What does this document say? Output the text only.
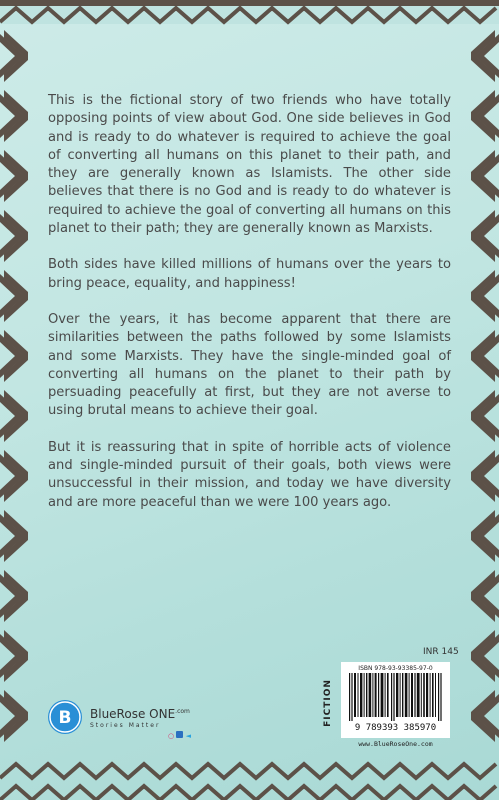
This is the fictional story of two friends who have totally opposing points of view about God. One side believes in God and is ready to do whatever is required to achieve the goal of converting all humans on this planet to their path, and they are generally known as Islamists. The other side believes that there is no God and is ready to do whatever is required to achieve the goal of converting all humans on this planet to their path; they are generally known as Marxists.

Both sides have killed millions of humans over the years to bring peace, equality, and happiness!

Over the years, it has become apparent that there are similarities between the paths followed by some Islamists and some Marxists. They have the single-minded goal of converting all humans on the planet to their path by persuading peacefully at first, but they are not averse to using brutal means to achieve their goal.

But it is reassuring that in spite of horrible acts of violence and single-minded pursuit of their goals, both views were unsuccessful in their mission, and today we have diversity and are more peaceful than we were 100 years ago.

INR 145
FICTION
ISBN 978-93-93385-97-0
9 789393 385970
www.BlueRoseOne.com
B BlueRose $ONE^{.com}$
Stories Matter
○ ◄
